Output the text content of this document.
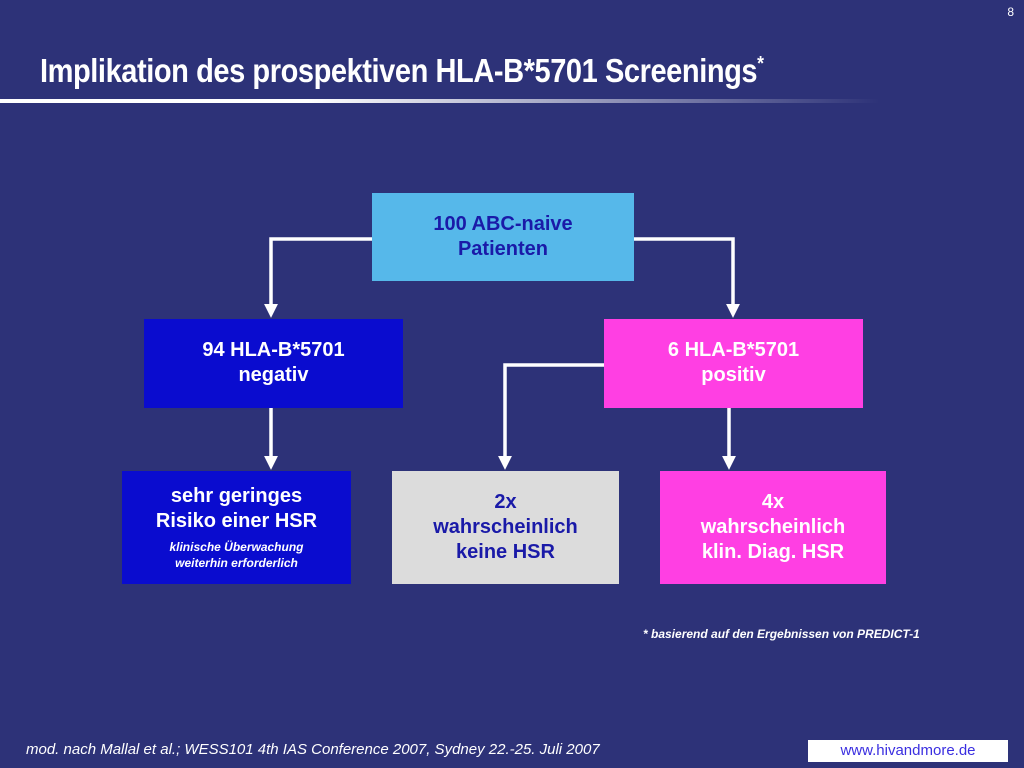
8
Implikation des prospektiven HLA-B*5701 Screenings*
100 ABC-naive
Patienten
94 HLA-B*5701
negativ
6 HLA-B*5701
positiv
sehr geringes
Risiko einer HSR
klinische Überwachung
weiterhin erforderlich
2x
wahrscheinlich
keine HSR
4x
wahrscheinlich
klin. Diag. HSR
* basierend auf den Ergebnissen von PREDICT-1
mod. nach Mallal et al.; WESS101 4th IAS Conference 2007, Sydney 22.-25. Juli 2007	www.hivandmore.de
